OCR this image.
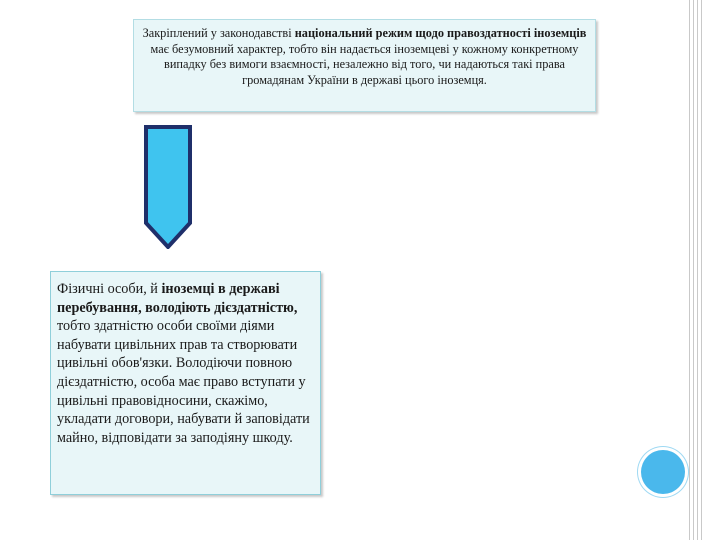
Закріплений у законодавстві національний режим щодо правоздатності іноземців має безумовний характер, тобто він надається іноземцеві у кожному конкретному випадку без вимоги взаємності, незалежно від того, чи надаються такі права громадянам України в державі цього іноземця.
Фізичні особи, й іноземці в державі перебування, володіють дієздатністю, тобто здатністю особи своїми діями набувати цивільних прав та створювати цивільні обов'язки. Володіючи повною дієздатністю, особа має право вступати у цивільні правовідносини, скажімо, укладати договори, набувати й заповідати майно, відповідати за заподіяну шкоду.
